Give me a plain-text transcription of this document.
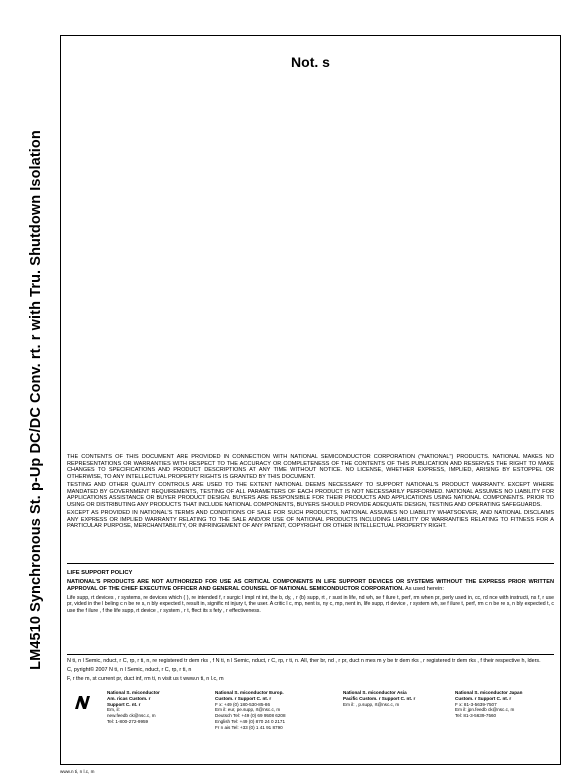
LM4510 Synchronous St. p-Up DC/DC Conv. rt. r with Tru. Shutdown Isolation
Not. s

THE CONTENTS OF THIS DOCUMENT ARE PROVIDED IN CONNECTION WITH NATIONAL SEMICONDUCTOR CORPORATION ("NATIONAL") PRODUCTS. NATIONAL MAKES NO REPRESENTATIONS OR WARRANTIES WITH RESPECT TO THE ACCURACY OR COMPLETENESS OF THE CONTENTS OF THIS PUBLICATION AND RESERVES THE RIGHT TO MAKE CHANGES TO SPECIFICATIONS AND PRODUCT DESCRIPTIONS AT ANY TIME WITHOUT NOTICE. NO LICENSE, WHETHER EXPRESS, IMPLIED, ARISING BY ESTOPPEL OR OTHERWISE, TO ANY INTELLECTUAL PROPERTY RIGHTS IS GRANTED BY THIS DOCUMENT.

TESTING AND OTHER QUALITY CONTROLS ARE USED TO THE EXTENT NATIONAL DEEMS NECESSARY TO SUPPORT NATIONAL'S PRODUCT WARRANTY. EXCEPT WHERE MANDATED BY GOVERNMENT REQUIREMENTS, TESTING OF ALL PARAMETERS OF EACH PRODUCT IS NOT NECESSARILY PERFORMED. NATIONAL ASSUMES NO LIABILITY FOR APPLICATIONS ASSISTANCE OR BUYER PRODUCT DESIGN. BUYERS ARE RESPONSIBLE FOR THEIR PRODUCTS AND APPLICATIONS USING NATIONAL COMPONENTS. PRIOR TO USING OR DISTRIBUTING ANY PRODUCTS THAT INCLUDE NATIONAL COMPONENTS, BUYERS SHOULD PROVIDE ADEQUATE DESIGN, TESTING AND OPERATING SAFEGUARDS.

EXCEPT AS PROVIDED IN NATIONAL'S TERMS AND CONDITIONS OF SALE FOR SUCH PRODUCTS, NATIONAL ASSUMES NO LIABILITY WHATSOEVER, AND NATIONAL DISCLAIMS ANY EXPRESS OR IMPLIED WARRANTY RELATING TO THE SALE AND/OR USE OF NATIONAL PRODUCTS INCLUDING LIABILITY OR WARRANTIES RELATING TO FITNESS FOR A PARTICULAR PURPOSE, MERCHANTABILITY, OR INFRINGEMENT OF ANY PATENT, COPYRIGHT OR OTHER INTELLECTUAL PROPERTY RIGHT.

LIFE SUPPORT POLICY

NATIONAL'S PRODUCTS ARE NOT AUTHORIZED FOR USE AS CRITICAL COMPONENTS IN LIFE SUPPORT DEVICES OR SYSTEMS WITHOUT THE EXPRESS PRIOR WRITTEN APPROVAL OF THE CHIEF EXECUTIVE OFFICER AND GENERAL COUNSEL OF NATIONAL SEMICONDUCTOR CORPORATION. As used herein:

Life supp, rt devices , r systems, re devices which ( ), re intended f, r surgic l impl nt int, the b, dy, , r (b) supp, rt , r sust in life, nd wh, se f ilure t, perf, rm when pr, perly used in, cc, rd nce with instructi, ns f, r use pr, vided in the l beling c n be re s, n bly expected t, result in, signific nt injury t, the user. A critic l c, mp, nent is, ny c, mp, nent in, life supp, rt device , r system wh, se f ilure t, perf, rm c n be re s, n bly expected t, c use the f ilure , f the life supp, rt device , r system , r t, ffect its s fety , r effectiveness.

N ti, n l Semic, nduct, r C, rp, r ti, n, re registered tr dem rks , f N ti, n l Semic, nduct, r C, rp, r ti, n. All, ther br, nd , r pr, duct n mes m y be tr dem rks , r registered tr dem rks , f their respective h, lders.
C, pyright© 2007 N ti, n l Semic, nduct, r C, rp, r ti, n
F, r the m, st current pr, duct inf, rm ti, n visit us t www.n ti, n l.c, m
National S. miconductor
Am. ricas Custom. r
Support C. nt. r
Em, il:
new.feedb ck@nsc.c, m
Tel: 1-800-272-9959
National S. miconductor Europ.
Custom. r Support C. nt. r
F x: +49 (0) 180-530-85-86
Em il: eur, pe.supp, rt@nsc.c, m
Deutsch Tel: +49 (0) 69 9508 6208
English Tel: +49 (0) 870 24 0 2171
Fr n ais Tel: +33 (0) 1 41 91 8790
National S. miconductor Asia
Pacific Custom. r Support C. nt. r
Em il: , p.supp, rt@nsc.c, m
National S. miconductor Japan
Custom. r Support C. nt. r
F x: 81-3-5639-7507
Em il: jpn.feedb ck@nsc.c, m
Tel: 81-3-5639-7560
www.n ti, n l.c, m
